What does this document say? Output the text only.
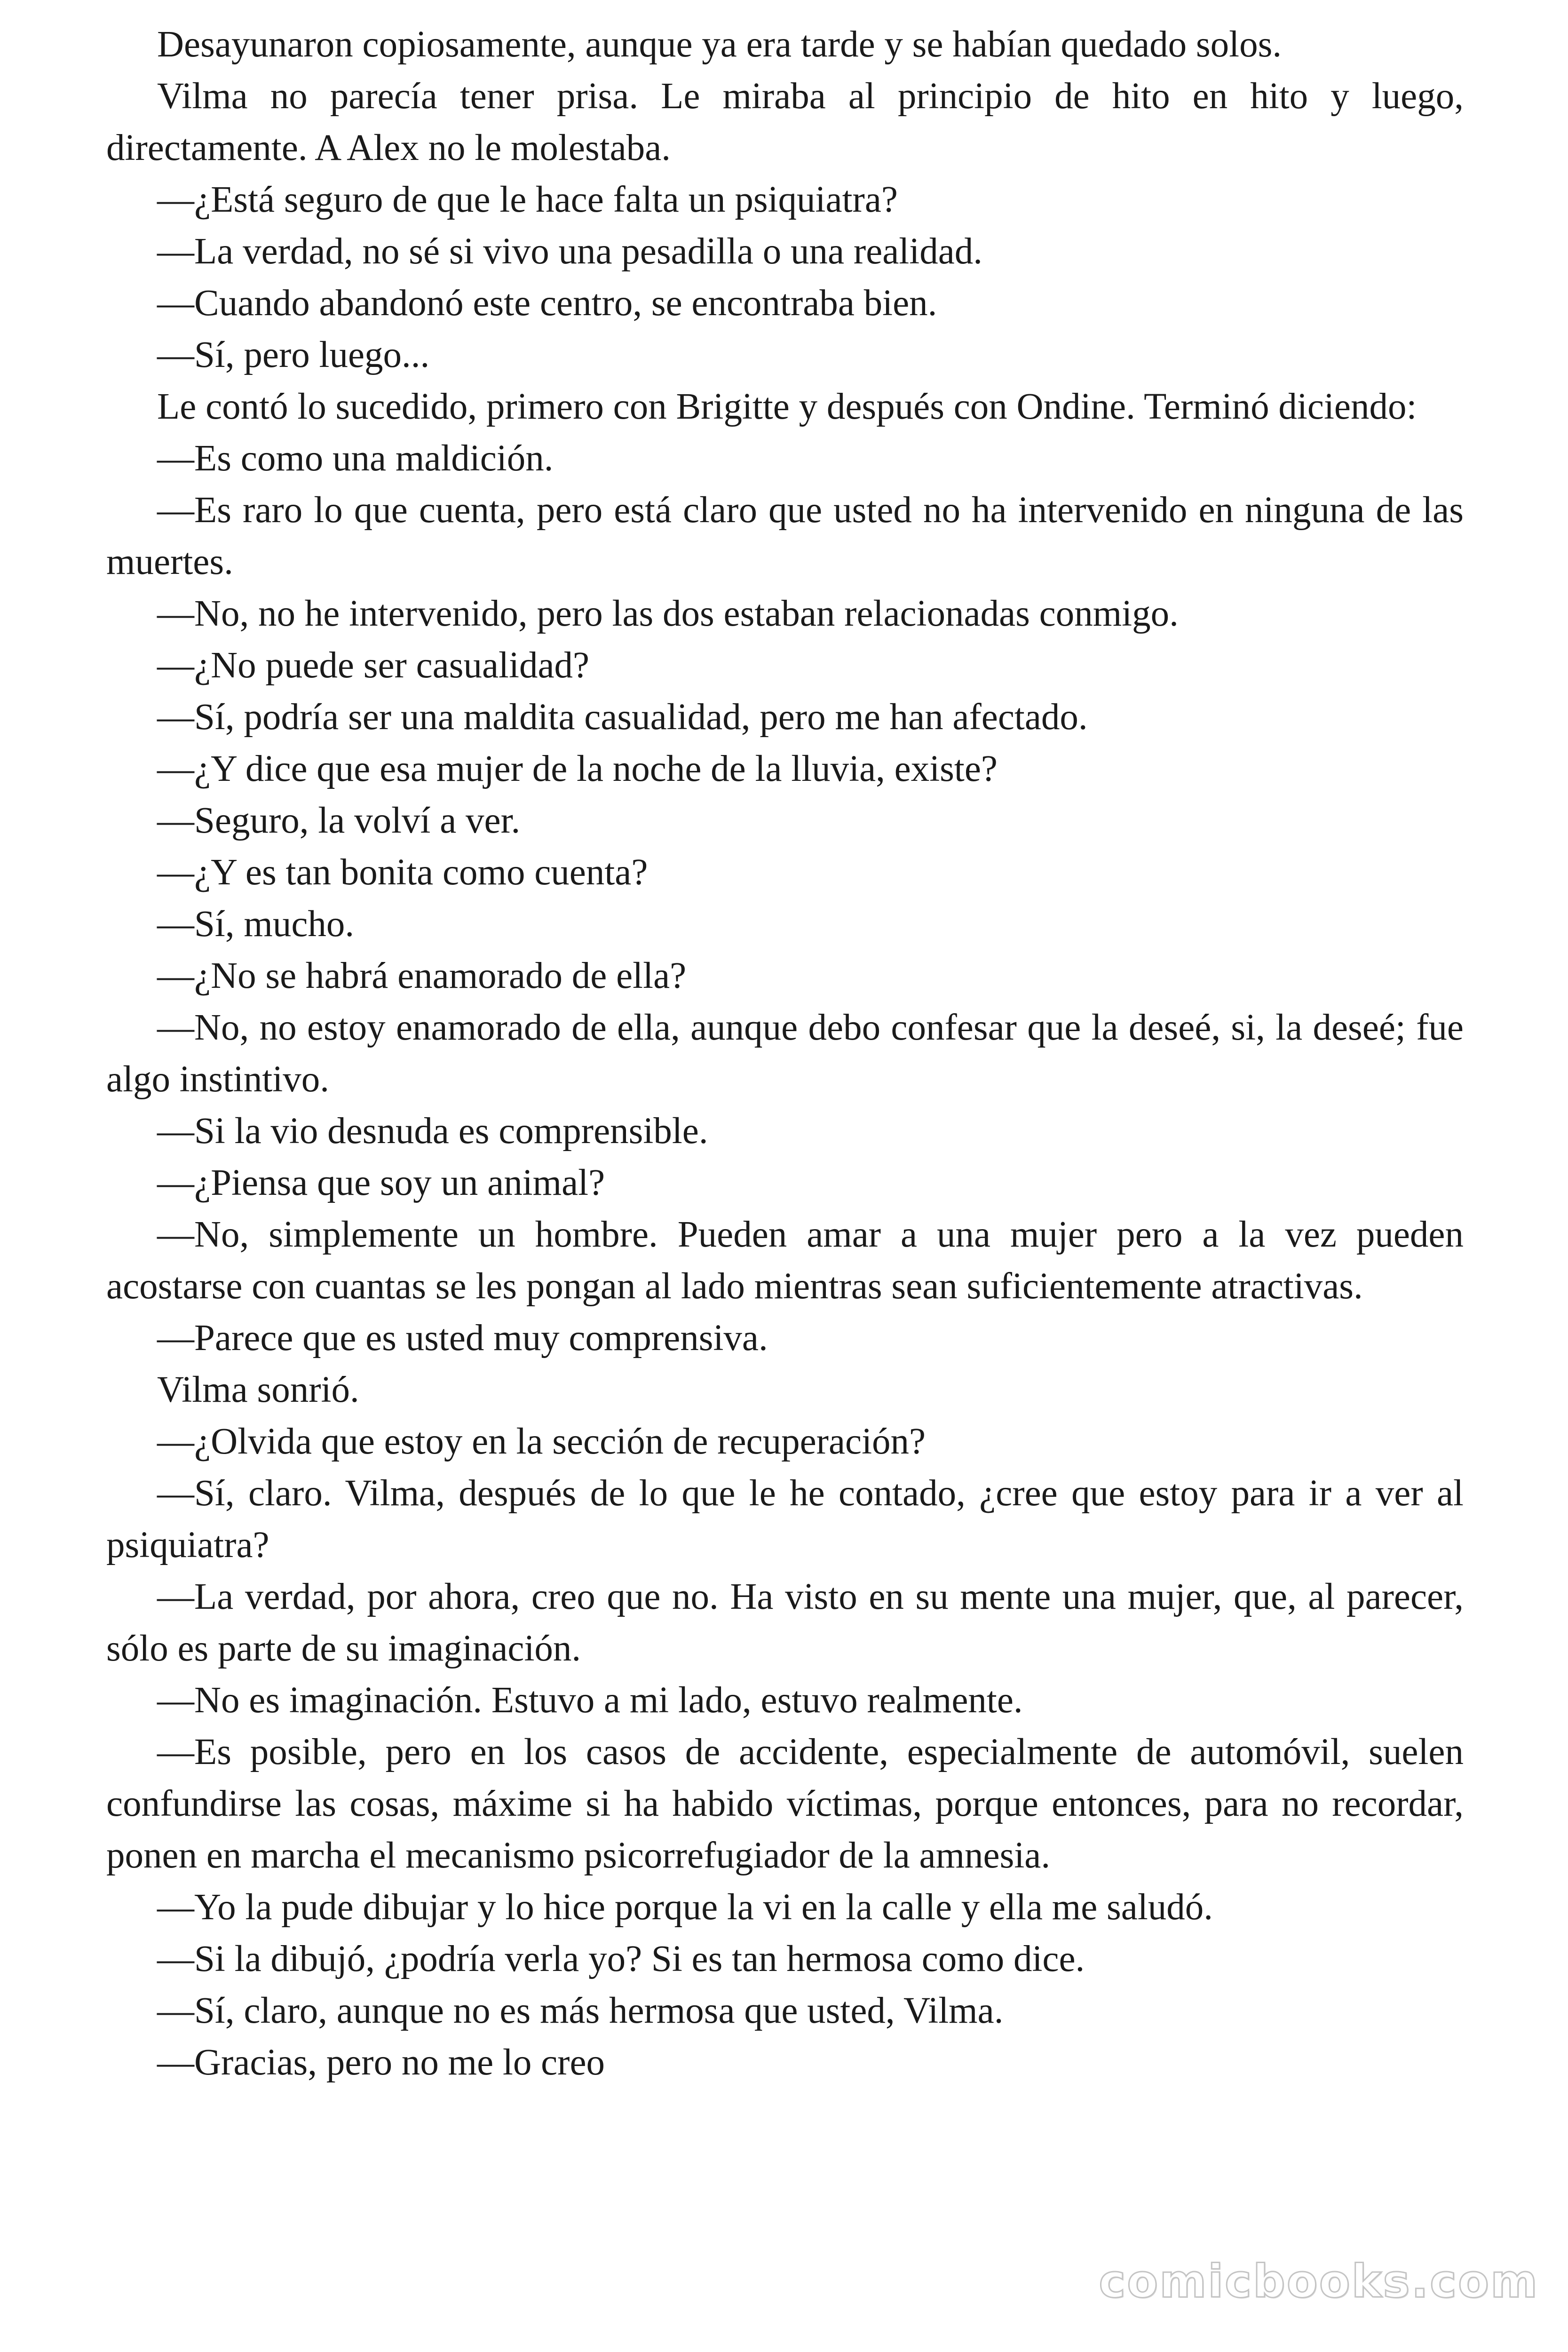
Desayunaron copiosamente, aunque ya era tarde y se habían quedado solos.

Vilma no parecía tener prisa. Le miraba al principio de hito en hito y luego, directamente. A Alex no le molestaba.

—¿Está seguro de que le hace falta un psiquiatra?

—La verdad, no sé si vivo una pesadilla o una realidad.

—Cuando abandonó este centro, se encontraba bien.

—Sí, pero luego...

Le contó lo sucedido, primero con Brigitte y después con Ondine. Terminó diciendo:

—Es como una maldición.

—Es raro lo que cuenta, pero está claro que usted no ha intervenido en ninguna de las muertes.

—No, no he intervenido, pero las dos estaban relacionadas conmigo.

—¿No puede ser casualidad?

—Sí, podría ser una maldita casualidad, pero me han afectado.

—¿Y dice que esa mujer de la noche de la lluvia, existe?

—Seguro, la volví a ver.

—¿Y es tan bonita como cuenta?

—Sí, mucho.

—¿No se habrá enamorado de ella?

—No, no estoy enamorado de ella, aunque debo confesar que la deseé, si, la deseé; fue algo instintivo.

—Si la vio desnuda es comprensible.

—¿Piensa que soy un animal?

—No, simplemente un hombre. Pueden amar a una mujer pero a la vez pueden acostarse con cuantas se les pongan al lado mientras sean suficientemente atractivas.

—Parece que es usted muy comprensiva.

Vilma sonrió.

—¿Olvida que estoy en la sección de recuperación?

—Sí, claro. Vilma, después de lo que le he contado, ¿cree que estoy para ir a ver al psiquiatra?

—La verdad, por ahora, creo que no. Ha visto en su mente una mujer, que, al parecer, sólo es parte de su imaginación.

—No es imaginación. Estuvo a mi lado, estuvo realmente.

—Es posible, pero en los casos de accidente, especialmente de automóvil, suelen confundirse las cosas, máxime si ha habido víctimas, porque entonces, para no recordar, ponen en marcha el mecanismo psicorrefugiador de la amnesia.

—Yo la pude dibujar y lo hice porque la vi en la calle y ella me saludó.

—Si la dibujó, ¿podría verla yo? Si es tan hermosa como dice.

—Sí, claro, aunque no es más hermosa que usted, Vilma.

—Gracias, pero no me lo creo

comicbooks.com
